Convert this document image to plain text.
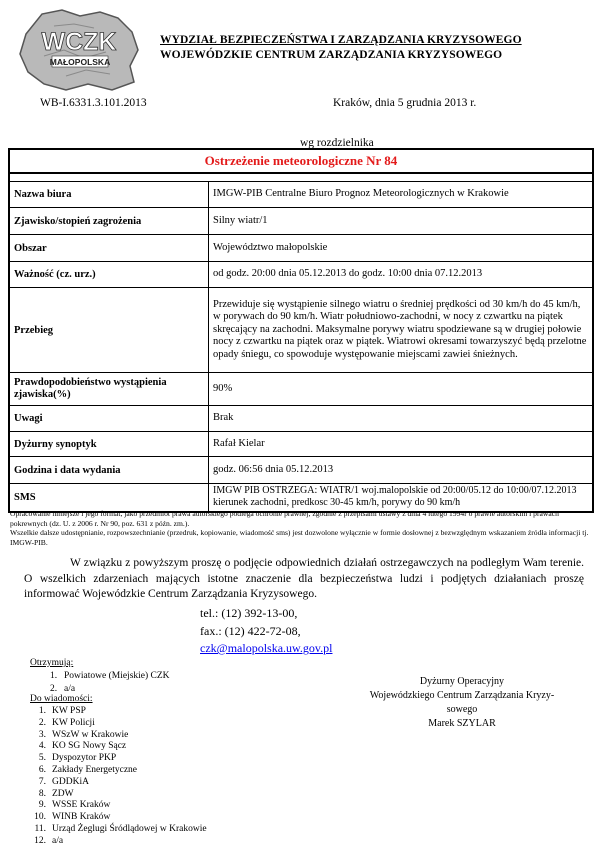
WCZK
MAŁOPOLSKA
WYDZIAŁ BEZPIECZEŃSTWA I ZARZĄDZANIA KRYZYSOWEGO
WOJEWÓDZKIE CENTRUM ZARZĄDZANIA KRYZYSOWEGO
WB-I.6331.3.101.2013	Kraków, dnia 5 grudnia 2013 r.
wg rozdzielnika
Ostrzeżenie meteorologiczne Nr 84	

Nazwa biura	IMGW-PIB Centralne Biuro Prognoz Meteorologicznych w Krakowie
Zjawisko/stopień zagrożenia	Silny wiatr/1
Obszar	Województwo małopolskie
Ważność (cz. urz.)	od godz. 20:00 dnia 05.12.2013 do godz. 10:00 dnia 07.12.2013
Przebieg	Przewiduje się wystąpienie silnego wiatru o średniej prędkości od 30 km/h do 45 km/h, w porywach do 90 km/h. Wiatr południowo-zachodni, w nocy z czwartku na piątek skręcający na zachodni. Maksymalne porywy wiatru spodziewane są w drugiej połowie nocy z czwartku na piątek oraz w piątek. Wiatrowi okresami towarzyszyć będą przelotne opady śniegu, co spowoduje występowanie miejscami zawiei śnieżnych.
Prawdopodobieństwo wystąpienia zjawiska(%)	90%
Uwagi	Brak
Dyżurny synoptyk	Rafał Kielar
Godzina i data wydania	godz. 06:56 dnia 05.12.2013
SMS	IMGW PIB OSTRZEGA: WIATR/1 woj.malopolskie od 20:00/05.12 do 10:00/07.12.2013 kierunek zachodni, predkosc 30-45 km/h, porywy do 90 km/h
Opracowanie niniejsze i jego format, jako przedmiot prawa autorskiego podlega ochronie prawnej, zgodnie z przepisami ustawy z dnia 4 lutego 1994r o prawie autorskim i prawach pokrewnych (dz. U. z 2006 r. Nr 90, poz. 631 z późn. zm.).
Wszelkie dalsze udostępnianie, rozpowszechnianie (przedruk, kopiowanie, wiadomość sms) jest dozwolone wyłącznie w formie dosłownej z bezwzględnym wskazaniem źródła informacji tj. IMGW-PIB.
W związku z powyższym proszę o podjęcie odpowiednich działań ostrzegawczych na podległym Wam terenie. O wszelkich zdarzeniach mających istotne znaczenie dla bezpieczeństwa ludzi i podjętych działaniach proszę informować Wojewódzkie Centrum Zarządzania Kryzysowego.
tel.: (12) 392-13-00,
fax.: (12) 422-72-08,
czk@malopolska.uw.gov.pl
Otrzymują:
1. Powiatowe (Miejskie) CZK
2. a/a
Do wiadomości:
1. KW PSP
2. KW Policji
3. WSzW w Krakowie
4. KO SG Nowy Sącz
5. Dyspozytor PKP
6. Zakłady Energetyczne
7. GDDKiA
8. ZDW
9. WSSE Kraków
10. WINB Kraków
11. Urząd Żeglugi Śródlądowej w Krakowie
12. a/a
Dyżurny Operacyjny
Wojewódzkiego Centrum Zarządzania Kryzy-
sowego
Marek SZYLAR
